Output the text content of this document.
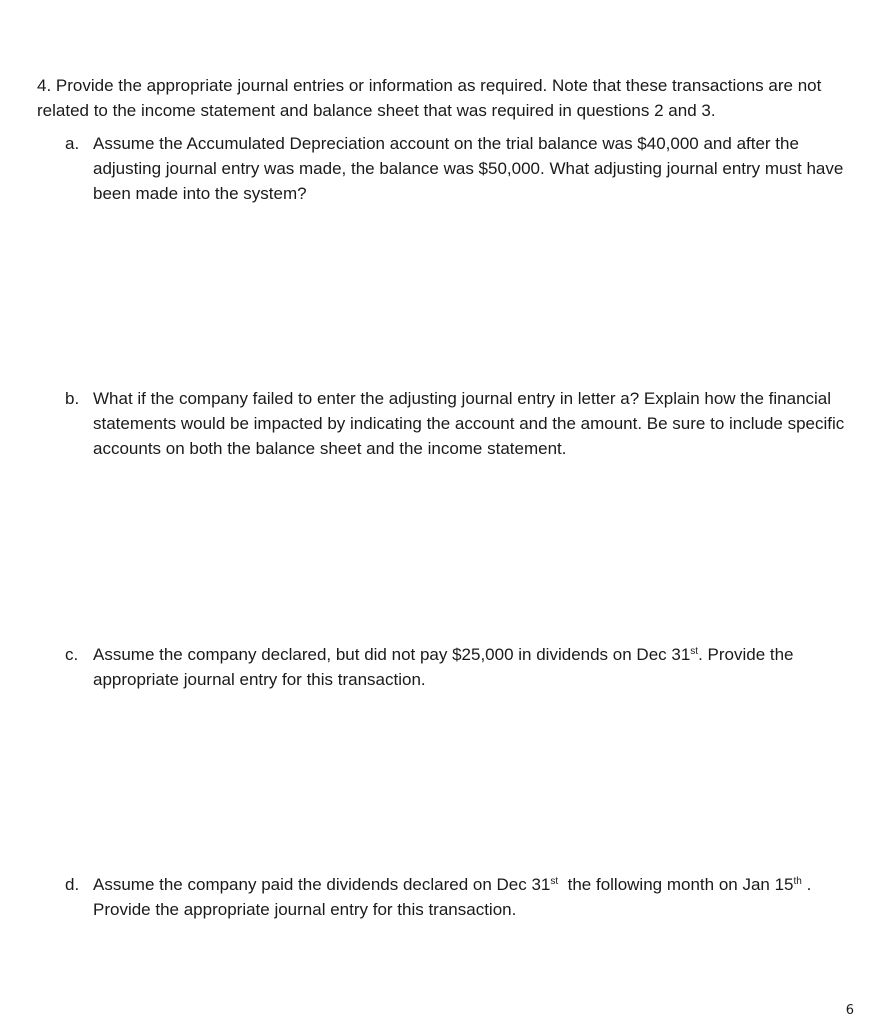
4. Provide the appropriate journal entries or information as required. Note that these transactions are not related to the income statement and balance sheet that was required in questions 2 and 3.
a. Assume the Accumulated Depreciation account on the trial balance was $40,000 and after the adjusting journal entry was made, the balance was $50,000. What adjusting journal entry must have been made into the system?
b. What if the company failed to enter the adjusting journal entry in letter a? Explain how the financial statements would be impacted by indicating the account and the amount. Be sure to include specific accounts on both the balance sheet and the income statement.
c. Assume the company declared, but did not pay $25,000 in dividends on Dec 31st. Provide the appropriate journal entry for this transaction.
d. Assume the company paid the dividends declared on Dec 31st  the following month on Jan 15th .  Provide the appropriate journal entry for this transaction.
6
